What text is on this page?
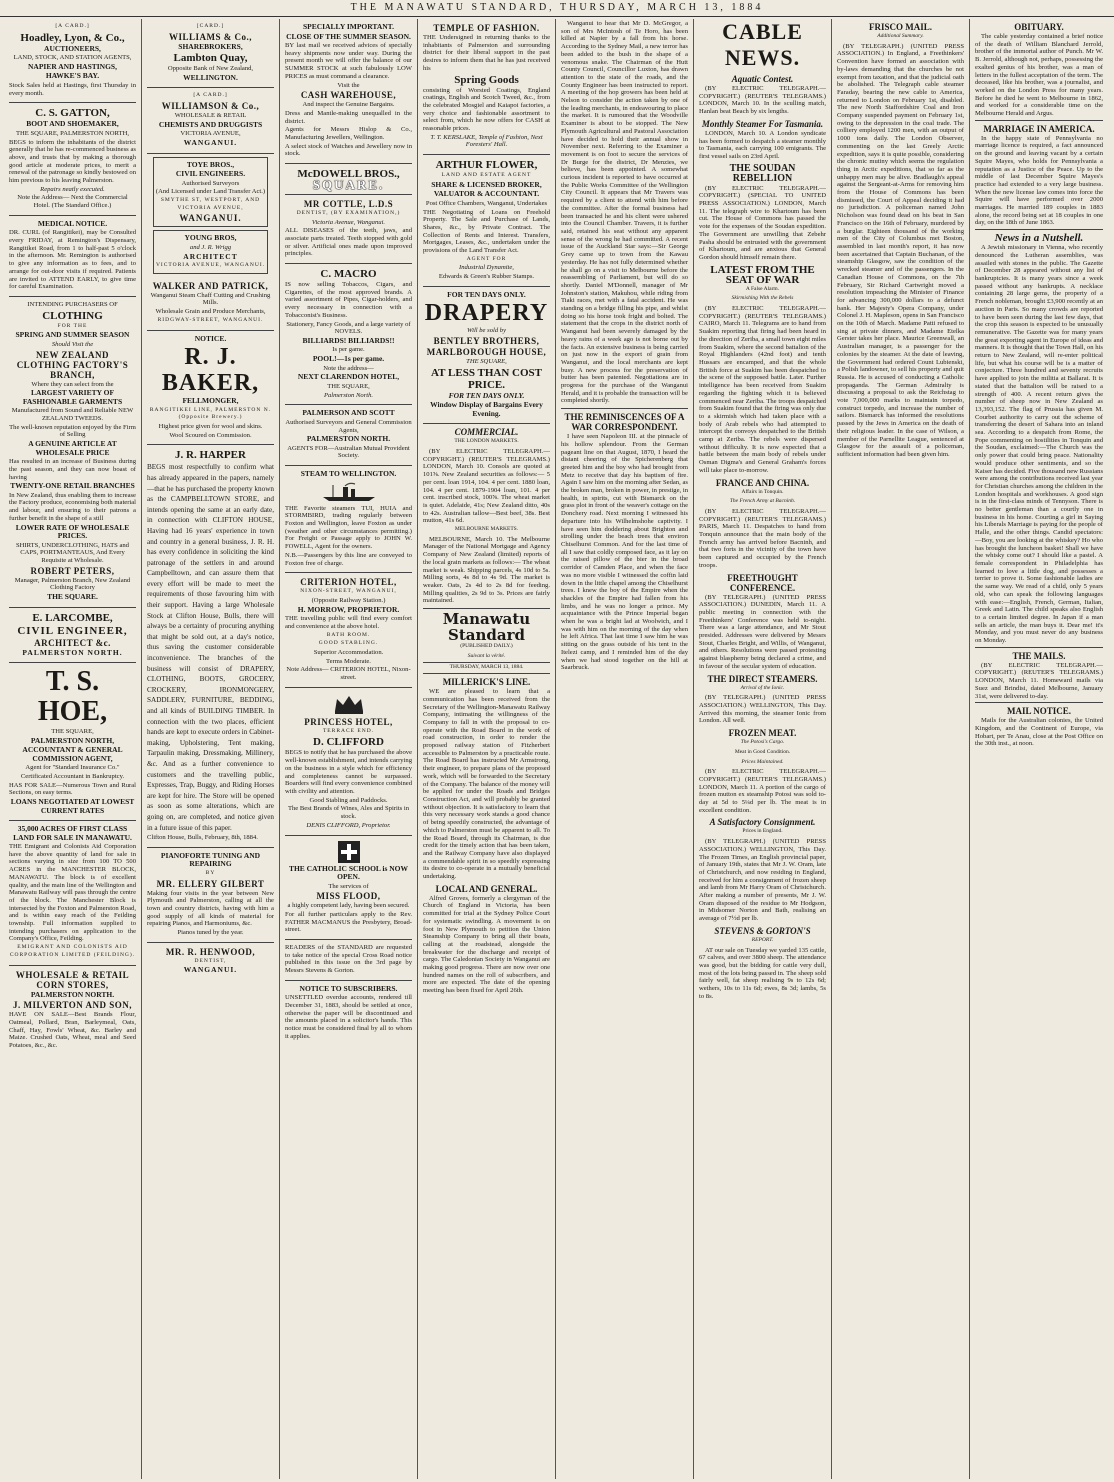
THE MANAWATU STANDARD, THURSDAY, MARCH 13, 1884

[A CARD.]

Hoadley, Lyon, & Co.,

AUCTIONEERS,

LAND, STOCK, AND STATION AGENTS,

NAPIER AND HASTINGS,

HAWKE'S BAY.

Stock Sales held at Hastings, first Thursday in every month.

C. S. GATTON,

BOOT AND SHOEMAKER,

THE SQUARE, PALMERSTON NORTH,

BEGS to inform the inhabitants of the district generally that he has re-commenced business as above, and trusts that by making a thorough good article at moderate prices, to merit a renewal of the patronage so kindly bestowed on him previous to his leaving Palmerston.

Repairs neatly executed.

Note the Address— Next the Commercial Hotel. (The Standard Office.)

MEDICAL NOTICE.

DR. CURL (of Rangitikei), may be Consulted every FRIDAY, at Remington's Dispensary, Rangitikei Road, from 1 to half-past 5 o'clock in the afternoon. Mr. Remington is authorised to give any information as to fees, and to arrange for out-door visits if required. Patients are invited to ATTEND EARLY, to give time for careful Examination.

INTENDING PURCHASERS OF

CLOTHING

FOR THE

SPRING AND SUMMER SEASON

Should Visit the

NEW ZEALAND CLOTHING FACTORY'S BRANCH,

Where they can select from the

LARGEST VARIETY OF FASHIONABLE GARMENTS

Manufactured from Sound and Reliable NEW ZEALAND TWEEDS.

The well-known reputation enjoyed by the Firm of Selling

A GENUINE ARTICLE AT WHOLESALE PRICE

Has resulted in an increase of Business during the past season, and they can now boast of having

TWENTY-ONE RETAIL BRANCHES

In New Zealand, thus enabling them to increase the Factory produce, economising both material and labour, and ensuring to their patrons a further benefit in the shape of a still

LOWER RATE OF WHOLESALE PRICES.

SHIRTS, UNDERCLOTHING, HATS and CAPS, PORTMANTEAUS, And Every Requisite at Wholesale.

ROBERT PETERS,

Manager, Palmerston Branch, New Zealand Clothing Factory

THE SQUARE.

E. LARCOMBE,

CIVIL ENGINEER,

ARCHITECT &c.

PALMERSTON NORTH.

T. S. HOE,

THE SQUARE,

PALMERSTON NORTH,

ACCOUNTANT & GENERAL COMMISSION AGENT,

Agent for "Standard Insurance Co."

Certificated Accountant in Bankruptcy.

HAS FOR SALE—Numerous Town and Rural Sections, on easy terms.

LOANS NEGOTIATED AT LOWEST CURRENT RATES

35,000 ACRES OF FIRST CLASS LAND FOR SALE IN MANAWATU.

THE Emigrant and Colonists Aid Corporation have the above quantity of land for sale in sections varying in size from 100 TO 500 ACRES in the MANCHESTER BLOCK, MANAWATU. The block is of excellent quality, and the main line of the Wellington and Manawatu Railway will pass through the centre of the block. The Manchester Block is intersected by the Foxton and Palmerston Road, and is within easy reach of the Feilding township. Full information supplied to intending purchasers on application to the Company's Office, Feilding.

EMIGRANT AND COLONISTS AID CORPORATION LIMITED (FEILDING).

WHOLESALE & RETAIL CORN STORES,

PALMERSTON NORTH.

J. MILVERTON AND SON,

HAVE ON SALE—Best Brands Flour, Oatmeal, Pollard, Bran, Barleymeal, Oats, Chaff, Hay, Fowls' Wheat, &c. Barley and Maize. Crushed Oats, Wheat, meal and Seed Potatoes, &c., &c.

[CARD.]

WILLIAMS & Co.,

SHAREBROKERS,

Lambton Quay,

Opposite Bank of New Zealand,

WELLINGTON.

[A CARD.]

WILLIAMSON & Co.,

WHOLESALE & RETAIL

CHEMISTS AND DRUGGISTS

VICTORIA AVENUE,

WANGANUI.

TOYE BROS.,

CIVIL ENGINEERS.

Authorised Surveyors

(And Licensed under Land Transfer Act.)

SMYTHE ST, WESTPORT, AND VICTORIA AVENUE,

WANGANUI.

YOUNG BROS,

and J. R. Wrigg

ARCHITECT

VICTORIA AVENUE, WANGANUI.

WALKER AND PATRICK,

Wanganui Steam Chaff Cutting and Crushing Mills.

Wholesale Grain and Produce Merchants,

RIDGWAY-STREET, WANGANUI.

NOTICE.

R. J. BAKER,

FELLMONGER,

RANGITIKEI LINE, PALMERSTON N. (Opposite Brewery.)

Highest price given for wool and skins.

Wool Scoured on Commission.

J. R. HARPER

BEGS most respectfully to confirm what has already appeared in the papers, namely—that he has purchased the property known as the CAMPBELLTOWN STORE, and intends opening the same at an early date, in connection with CLIFTON HOUSE, Having had 16 years' experience in town and country in a general business, J. R. H. has every confidence in soliciting the kind patronage of the settlers in and around Campbelltown, and can assure them that every effort will be made to meet the requirements of those favouring him with their support. Having a large Wholesale Stock at Clifton House, Bulls, there will always be a certainty of procuring anything that might be sold out, at a day's notice, thus saving the customer considerable inconvenience. The branches of the business will consist of DRAPERY, CLOTHING, BOOTS, GROCERY, CROCKERY, IRONMONGERY, SADDLERY, FURNITURE, BEDDING, and all kinds of BUILDING TIMBER. In connection with the two places, efficient hands are kept to execute orders in Cabinet-making, Upholstering, Tent making, Tarpaulin making, Dressmaking, Millinery, &c. And as a further convenience to customers and the travelling public, Expresses, Trap, Buggy, and Riding Horses are kept for hire. The Store will be opened as soon as some alterations, which are going on, are completed, and notice given in a future issue of this paper.

Clifton House, Bulls, February, 8th, 1884.

PIANOFORTE TUNING AND REPAIRING

BY

MR. ELLERY GILBERT

Making four visits in the year between New Plymouth and Palmerston, calling at all the town and country districts, having with him a good supply of all kinds of material for repairing Pianos, and Harmoniums, &c.

Pianos tuned by the year.

MR. R. HENWOOD,

DENTIST,

WANGANUI.

SPECIALLY IMPORTANT.

CLOSE OF THE SUMMER SEASON.

BY last mail we received advices of specially heavy shipments now under way. During the present month we will offer the balance of our SUMMER STOCK at such fabulously LOW PRICES as must command a clearance.

Visit the

CASH WAREHOUSE,

And inspect the Genuine Bargains.

Dress and Mantle-making unequalled in the district.

Agents for Messrs Hislop & Co., Manufacturing Jewellers, Wellington.

A select stock of Watches and Jewellery now in stock.

McDOWELL BROS.,

SQUARE.

MR COTTLE, L.D.S

DENTIST, (BY EXAMINATION,)

Victoria Avenue, Wanganui.

ALL DISEASES of the teeth, jaws, and associate parts treated. Teeth stopped with gold or silver. Artificial ones made upon improved principles.

C. MACRO

IS now selling Tobaccos, Cigars, and Cigarettes, of the most approved brands. A varied assortment of Pipes, Cigar-holders, and every necessary in connection with a Tobacconist's Business.

Stationery, Fancy Goods, and a large variety of NOVELS.

BILLIARDS! BILLIARDS!!

Is per game.

POOL!—1s per game.

Note the address—

NEXT CLARENDON HOTEL,

THE SQUARE,

Palmerston North.

PALMERSON AND SCOTT

Authorised Surveyors and General Commission Agents,

PALMERSTON NORTH.

AGENTS FOR—Australian Mutual Provident Society.

STEAM TO WELLINGTON.

THE Favorite steamers TUI, HUIA and STORMBIRD, trading regularly between Foxton and Wellington, leave Foxton as under (weather and other circumstances permitting.) For Freight or Passage apply to JOHN W. FOWELL, Agent for the owners.

N.B.—Passengers by this line are conveyed to Foxton free of charge.

CRITERION HOTEL,

NIXON-STREET, WANGANUI,

(Opposite Railway Station.)

H. MORROW, PROPRIETOR.

THE travelling public will find every comfort and convenience at the above hotel.

BATH ROOM.

GOOD STABLING.

Superior Accommodation.

Terms Moderate.

Note Address— CRITERION HOTEL, Nixon-street.

PRINCESS HOTEL,

TERRACE END.

D. CLIFFORD

BEGS to notify that he has purchased the above well-known establishment, and intends carrying on the business in a style which for efficiency and completeness cannot be surpassed. Boarders will find every convenience combined with civility and attention.

Good Stabling and Paddocks.

The Best Brands of Wines, Ales and Spirits in stock.

DENIS CLIFFORD, Proprietor.

THE CATHOLIC SCHOOL is NOW OPEN.

The services of

MISS FLOOD,

a highly competent lady, having been secured.

For all further particulars apply to the Rev. FATHER MACMANUS the Presbytery, Broad-street.

READERS of the STANDARD are requested to take notice of the special Cross Road notice published in this issue on the 3rd page by Messrs Stevens & Gorton.

NOTICE TO SUBSCRIBERS.

UNSETTLED overdue accounts, rendered till December 31, 1883, should be settled at once, otherwise the paper will be discontinued and the amounts placed in a solicitor's hands. This notice must be considered final by all to whom it applies.

TEMPLE OF FASHION.

THE Undersigned in returning thanks to the inhabitants of Palmerston and surrounding district for their liberal support in the past desires to inform them that he has just received his

Spring Goods

consisting of Worsted Coatings, England coatings, English and Scotch Tweed, &c., from the celebrated Mosgiel and Kaiapoi factories, a very choice and fashionable assortment to select from, which he now offers for CASH at reasonable prices.

T. T. KERSLAKE, Temple of Fashion, Next Foresters' Hall.

ARTHUR FLOWER,

LAND AND ESTATE AGENT

SHARE & LICENSED BROKER,

VALUATOR & ACCOUNTANT.

Post Office Chambers, Wanganui, Undertakes

THE Negotiating of Loans on Freehold Property. The Sale and Purchase of Lands, Shares, &c., by Private Contract. The Collection of Rents and Interest. Transfers, Mortgages, Leases, &c., undertaken under the provisions of the Land Transfer Act.

AGENT FOR

Industrial Dynamite,

Edwards & Green's Rubber Stamps.

FOR TEN DAYS ONLY.

DRAPERY

Will be sold by

BENTLEY BROTHERS,

MARLBOROUGH HOUSE,

THE SQUARE,

AT LESS THAN COST PRICE.

FOR TEN DAYS ONLY.

Window Display of Bargains Every Evening.

COMMERCIAL.
THE LONDON MARKETS.

(BY ELECTRIC TELEGRAPH.—COPYRIGHT.) (REUTER'S TELEGRAMS.) LONDON, March 10. Consols are quoted at 101⅝. New Zealand securities as follows:— 5 per cent. loan 1914, 104. 4 per cent. 1880 loan, 104. 4 per cent. 1879-1904 loan, 101. 4 per cent. inscribed stock, 100⅝. The wheat market is quiet. Adelaide, 41s; New Zealand ditto, 40s to 42s. Australian tallow—Best beef, 38s. Best mutton, 41s 6d.

MELBOURNE MARKETS.

MELBOURNE, March 10. The Melbourne Manager of the National Mortgage and Agency Company of New Zealand (limited) reports of the local grain markets as follows:— The wheat market is weak. Shipping parcels, 4s 10d to 5s. Milling sorts, 4s 8d to 4s 9d. The market is weaker. Oats, 2s 4d to 2s 8d for feeding. Milling qualities, 2s 9d to 3s. Prices are fairly maintained.

Manawatu Standard
(PUBLISHED DAILY.)
Suivant la vérité.
THURSDAY, MARCH 13, 1884.
MILLERICK'S LINE.

WE are pleased to learn that a communication has been received from the Secretary of the Wellington-Manawatu Railway Company, intimating the willingness of the Company to fall in with the proposal to co-operate with the Road Board in the work of road construction, in order to render the proposed railway station of Fitzherbert accessible to Palmerston by a practicable route. The Road Board has instructed Mr Armstrong, their engineer, to prepare plans of the proposed work, which will be forwarded to the Secretary of the Company. The balance of the money will be applied for under the Roads and Bridges Construction Act, and will probably be granted without objection. It is satisfactory to learn that this very necessary work stands a good chance of being speedily constructed, the advantage of which to Palmerston must be apparent to all. To the Road Board, through its Chairman, is due credit for the timely action that has been taken, and the Railway Company have also displayed a commendable spirit in so speedily expressing its desire to co-operate in a mutually beneficial undertaking.

LOCAL AND GENERAL.

Alfred Groves, formerly a clergyman of the Church of England in Victoria, has been committed for trial at the Sydney Police Court for systematic swindling. A movement is on foot in New Plymouth to petition the Union Steamship Company to bring all their boats, calling at the roadstead, alongside the breakwater for the discharge and receipt of cargo. The Caledonian Society in Wanganui are making good progress. There are now over one hundred names on the roll of subscribers, and more are expected. The date of the opening meeting has been fixed for April 26th.

Wanganui to hear that Mr D. McGregor, a son of Mrs McIntosh of Te Horo, has been killed at Napier by a fall from his horse. According to the Sydney Mail, a new terror has been added to the bush in the shape of a venomous snake. The Chairman of the Hutt County Council, Councillor Luxton, has drawn attention to the state of the roads, and the County Engineer has been instructed to report. A meeting of the hop growers has been held at Nelson to consider the action taken by one of the leading merchants, in endeavouring to place the market. It is rumoured that the Woodville Examiner is about to be stopped. The New Plymouth Agricultural and Pastoral Association have decided to hold their annual show in November next. Referring to the Examiner a movement is on foot to secure the services of Dr Burge for the district, Dr Menzies, we believe, has been appointed. A somewhat curious incident is reported to have occurred at the Public Works Committee of the Wellington City Council. It appears that Mr Travers was required by a client to attend with him before the committee. After the formal business had been transacted he and his client were ushered into the Council Chamber. Travers, it is further said, retained his seat without any apparent sense of the wrong he had committed. A recent issue of the Auckland Star says:—Sir George Grey came up to town from the Kawau yesterday. He has not fully determined whether he shall go on a visit to Melbourne before the reassembling of Parliament, but will do so shortly. Daniel M'Donnell, manager of Mr Johnston's station, Makuhou, while riding from Tiaki races, met with a fatal accident. He was standing on a bridge filling his pipe, and whilst doing so his horse took fright and bolted. The statement that the crops in the district north of Wanganui had been severely damaged by the heavy rains of a week ago is not borne out by the facts. An extensive business is being carried on just now in the export of grain from Wanganui, and the local merchants are kept busy. A new process for the preservation of butter has been patented. Negotiations are in progress for the purchase of the Wanganui Herald, and it is probable the transaction will be completed shortly.

THE REMINISCENCES OF A WAR CORRESPONDENT.

I have seen Napoleon III. at the pinnacle of his hollow splendour. From the German pageant line on that August, 1870, I heard the distant cheering of the Spicherenberg that greeted him and the boy who had brought from Metz to receive that day his baptism of fire. Again I saw him on the morning after Sedan, as the broken man, broken in power, in prestige, in health, in spirits, cut with Bismarck on the grass plot in front of the weaver's cottage on the Donchery road. Next morning I witnessed his departure into his Wilhelmshohe captivity. I have seen him doddering about Brighton and strolling under the beach trees that environ Chiselhurst Common. And for the last time of all I saw that coldly composed face, as it lay on the raised pillow of the bier in the broad corridor of Camden Place, and when the face was no more visible I witnessed the coffin laid down in the little chapel among the Chiselhurst trees. I knew the boy of the Empire when the shackles of the Empire had fallen from his limbs, and he was no longer a prince. My acquaintance with the Prince Imperial began when he was a bright lad at Woolwich, and I was with him on the morning of the day when he left Africa. That last time I saw him he was sitting on the grass outside of his tent in the Itelezi camp, and I reminded him of the day when we had stood together on the hill at Saarbruck.

CABLE NEWS.
Aquatic Contest.

(BY ELECTRIC TELEGRAPH.—COPYRIGHT.) (REUTER'S TELEGRAMS.) LONDON, March 10. In the sculling match, Hanlan beat Beach by six lengths.

Monthly Steamer For Tasmania.

LONDON, March 10. A London syndicate has been formed to despatch a steamer monthly to Tasmania, each carrying 100 emigrants. The first vessel sails on 23rd April.

THE SOUDAN REBELLION

(BY ELECTRIC TELEGRAPH.—COPYRIGHT.) (SPECIAL TO UNITED PRESS ASSOCIATION.) LONDON, March 11. The telegraph wire to Khartoum has been cut. The House of Commons has passed the vote for the expenses of the Soudan expedition. The Government are unwilling that Zebehr Pasha should be entrusted with the government of Khartoum, and are anxious that General Gordon should himself remain there.

LATEST FROM THE SEAT OF WAR
A False Alarm.
Skirmishing With the Rebels

(BY ELECTRIC TELEGRAPH.—COPYRIGHT.) (REUTER'S TELEGRAMS.) CAIRO, March 11. Telegrams are to hand from Suakim reporting that firing had been heard in the direction of Zeriba, a small town eight miles from Suakim, where the second battalion of the Royal Highlanders (42nd foot) and tenth Hussars are encamped, and that the whole British force at Suakim has been despatched to the scene of the supposed battle. Later. Further intelligence has been received from Suakim regarding the fighting which it is believed commenced near Zeriba. The troops despatched from Suakim found that the firing was only due to a skirmish which had taken place with a body of Arab rebels who had attempted to intercept the convoys despatched to the British camp at Zeriba. The rebels were dispersed without difficulty. It is now expected that a battle between the main body of rebels under Osman Digma's and General Graham's forces will take place to-morrow.

FRANCE AND CHINA.
Affairs in Tonquin.
The French Army at Bacninh.

(BY ELECTRIC TELEGRAPH.—COPYRIGHT.) (REUTER'S TELEGRAMS.) PARIS, March 11. Despatches to hand from Tonquin announce that the main body of the French army has arrived before Bacninh, and that two forts in the vicinity of the town have been captured and occupied by the French troops.

FREETHOUGHT CONFERENCE.

(BY TELEGRAPH.) (UNITED PRESS ASSOCIATION.) DUNEDIN, March 11. A public meeting in connection with the Freethinkers' Conference was held to-night. There was a large attendance, and Mr Stout presided. Addresses were delivered by Messrs Stout, Charles Bright, and Willis, of Wanganui, and others. Resolutions were passed protesting against blasphemy being declared a crime, and in favour of the secular system of education.

THE DIRECT STEAMERS.
Arrival of the Ionic.

(BY TELEGRAPH.) (UNITED PRESS ASSOCIATION.) WELLINGTON, This Day. Arrived this morning, the steamer Ionic from London. All well.

FROZEN MEAT.
The Potosi's Cargo.
Meat in Good Condition.
Prices Maintained.

(BY ELECTRIC TELEGRAPH.—COPYRIGHT.) (REUTER'S TELEGRAMS.) LONDON, March 11. A portion of the cargo of frozen mutton ex steamship Potosi was sold to-day at 5d to 5¼d per lb. The meat is in excellent condition.

A Satisfactory Consignment.
Prices in England.

(BY TELEGRAPH.) (UNITED PRESS ASSOCIATION.) WELLINGTON, This Day. The Frozen Times, an English provincial paper, of January 19th, states that Mr J. W. Oram, late of Christchurch, and now residing in England, received for him a consignment of frozen sheep and lamb from Mr Harry Oram of Christchurch. After making a number of presents, Mr J. W. Oram disposed of the residue to Mr Hodgson, in Midsomer Norton and Bath, realising an average of 7½d per lb.

STEVENS & GORTON'S
REPORT.

AT our sale on Tuesday we yarded 135 cattle, 67 calves, and over 3800 sheep. The attendance was good, but the bidding for cattle very dull, most of the lots being passed in. The sheep sold fairly well, fat sheep realising 9s to 12s 6d; wethers, 10s to 11s 6d; ewes, 8s 3d; lambs, 5s to 8s.

FRISCO MAIL.
Additional Summary.

(BY TELEGRAPH.) (UNITED PRESS ASSOCIATION.) In England, a Freethinkers' Convention have formed an association with by-laws demanding that the churches be not exempt from taxation, and that the judicial oath be abolished. The Telegraph cable steamer Faraday, bearing the new cable to America, returned to London on February 1st, disabled. The new North Staffordshire Coal and Iron Company suspended payment on February 1st, owing to the depression in the coal trade. The colliery employed 1200 men, with an output of 1000 tons daily. The London Observer, commenting on the last Greely Arctic expedition, says it is quite possible, considering the chronic mutiny which seems the regulation thing in Arctic expeditions, that so far as the unhappy men may be alive. Bradlaugh's appeal against the Sergeant-at-Arms for removing him from the House of Commons has been dismissed, the Court of Appeal deciding it had no jurisdiction. A policeman named John Nicholson was found dead on his beat in San Francisco on the 16th of February, murdered by a burglar. Eighteen thousand of the working men of the City of Columbus met Boston, assembled in last month's report, it has now been ascertained that Captain Buchanan, of the steamship Glasgow, saw the condition of the wrecked steamer and of the passengers. In the Canadian House of Commons, on the 7th February, Sir Richard Cartwright moved a resolution impeaching the Minister of Finance for advancing 300,000 dollars to a defunct bank. Her Majesty's Opera Company, under Colonel J. H. Mapleson, opens in San Francisco on the 10th of March. Madame Patti refused to sing at private dinners, and Madame Etelka Gerster takes her place. Maurice Greenwall, an Australian manager, is a passenger for the colonies by the steamer. At the date of leaving, the Government had ordered Count Lubienski, a Polish landowner, to sell his property and quit Russia. He is accused of conducting a Catholic propaganda. The German Admiralty is discussing a proposal to ask the Reichstag to vote 7,000,000 marks to maintain torpedo, construct torpedo, and increase the number of sailors. Bismarck has informed the resolutions passed by the Jews in America on the death of their religious leader. In the case of Wilson, a member of the Parnellite League, sentenced at Glasgow for the assault of a policeman, sufficient information had been given him.

OBITUARY.

The cable yesterday contained a brief notice of the death of William Blanchard Jerrold, brother of the immortal author of Punch. Mr W. B. Jerrold, although not, perhaps, possessing the exalted genius of his brother, was a man of letters in the fullest acceptation of the term. The deceased, like his brother, was a journalist, and worked on the London Press for many years. Before he died he went to Melbourne in 1862, and worked for a considerable time on the Melbourne Herald and Argus.

MARRIAGE IN AMERICA.

In the happy state of Pennsylvania no marriage licence is required, a fact announced on the ground and leaving vacant by a certain Squire Mayes, who holds for Pennsylvania a reputation as a Justice of the Peace. Up to the middle of last December Squire Mayes's practice had extended to a very large business. When the new license law comes into force the Squire will have performed over 2000 marriages. He married 189 couples in 1883 alone, the record being set at 18 couples in one day, on the 18th of June 1863.

News in a Nutshell.

A Jewish missionary in Vienna, who recently denounced the Lutheran assemblies, was assailed with stones in the public. The Gazette of December 28 appeared without any list of bankruptcies. It is many years since a week passed without any bankrupts. A necklace containing 28 large gems, the property of a French nobleman, brought £3,900 recently at an auction in Paris. So many crowds are reported to have been seen during the last few days, that the crop this season is expected to be unusually remunerative. The Gazette was for many years the great exporting agent in Europe of ideas and manners. It is thought that the Town Hall, on his return to New Zealand, will re-enter political life, but what his course will be is a matter of conjecture. Three hundred and seventy recruits have applied to join the militia at Ballarat. It is stated that the battalion will be raised to a strength of 400. A recent return gives the number of sheep now in New Zealand as 13,393,152. The flag of Prussia has given M. Courbet authority to carry out the scheme of transferring the desert of Sahara into an inland sea. According to a despatch from Rome, the Pope commenting on hostilities in Tonquin and the Soudan, exclaimed:—The Church was the only power that could bring peace. Nationality would produce other sentiments, and so the Kaiser has decided. Five thousand new Russians were among the contributions received last year for Christian churches among the children in the London hospitals and workhouses. A good sign is in the first-class minds of Tennyson. There is no better gentleman than a courtly one in business in his home. Courting a girl in Saying his Liberals Marriage is paying for the people of Halle, and the other things. Candid spectators:—Boy, you are looking at the whiskey? Ho who has brought the luncheon basket! Shall we have the whisky come out? I should like a pastel. A female correspondent in Philadelphia has learned to love a little dog, and possesses a terrier to prove it. Some fashionable ladies are the same way. We read of a child, only 5 years old, who can speak the following languages with ease:—English, French, German, Italian, Greek and Latin. The child speaks also English to a certain limited degree. In Japan if a man sells an article, the man buys it. Dear me! it's Monday, and you must never do any business on Monday.

THE MAILS.

(BY ELECTRIC TELEGRAPH.—COPYRIGHT.) (REUTER'S TELEGRAMS.) LONDON, March 11. Homeward mails via Suez and Brindisi, dated Melbourne, January 31st, were delivered to-day.

MAIL NOTICE.

Mails for the Australian colonies, the United Kingdom, and the Continent of Europe, via Hobart, per Te Anau, close at the Post Office on the 30th inst., at noon.
